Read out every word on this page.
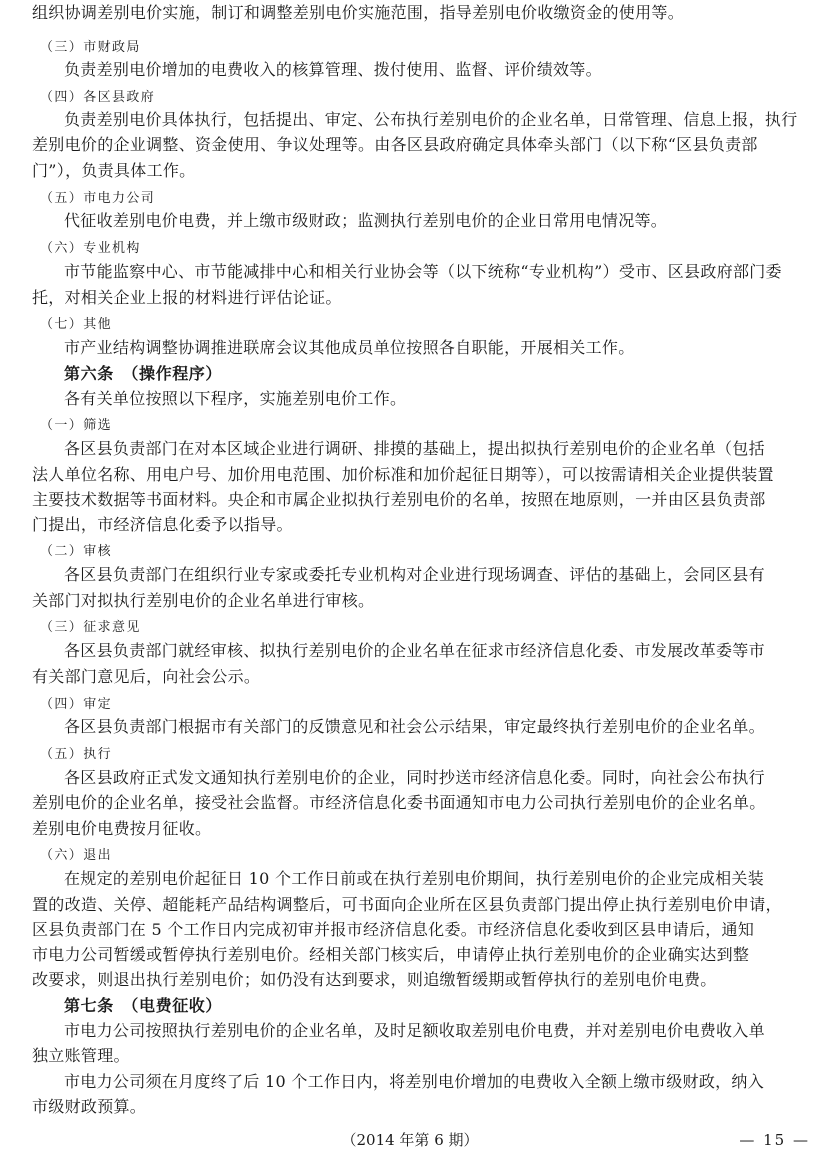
组织协调差别电价实施，制订和调整差别电价实施范围，指导差别电价收缴资金的使用等。
（三）市财政局
负责差别电价增加的电费收入的核算管理、拨付使用、监督、评价绩效等。
（四）各区县政府
负责差别电价具体执行，包括提出、审定、公布执行差别电价的企业名单，日常管理、信息上报，执行
差别电价的企业调整、资金使用、争议处理等。由各区县政府确定具体牵头部门（以下称“区县负责部
门”），负责具体工作。
（五）市电力公司
代征收差别电价电费，并上缴市级财政；监测执行差别电价的企业日常用电情况等。
（六）专业机构
市节能监察中心、市节能减排中心和相关行业协会等（以下统称“专业机构”）受市、区县政府部门委
托，对相关企业上报的材料进行评估论证。
（七）其他
市产业结构调整协调推进联席会议其他成员单位按照各自职能，开展相关工作。
第六条　（操作程序）
各有关单位按照以下程序，实施差别电价工作。
（一）筛选
各区县负责部门在对本区域企业进行调研、排摸的基础上，提出拟执行差别电价的企业名单（包括
法人单位名称、用电户号、加价用电范围、加价标准和加价起征日期等），可以按需请相关企业提供装置
主要技术数据等书面材料。央企和市属企业拟执行差别电价的名单，按照在地原则，一并由区县负责部
门提出，市经济信息化委予以指导。
（二）审核
各区县负责部门在组织行业专家或委托专业机构对企业进行现场调查、评估的基础上，会同区县有
关部门对拟执行差别电价的企业名单进行审核。
（三）征求意见
各区县负责部门就经审核、拟执行差别电价的企业名单在征求市经济信息化委、市发展改革委等市
有关部门意见后，向社会公示。
（四）审定
各区县负责部门根据市有关部门的反馈意见和社会公示结果，审定最终执行差别电价的企业名单。
（五）执行
各区县政府正式发文通知执行差别电价的企业，同时抄送市经济信息化委。同时，向社会公布执行
差别电价的企业名单，接受社会监督。市经济信息化委书面通知市电力公司执行差别电价的企业名单。
差别电价电费按月征收。
（六）退出
在规定的差别电价起征日 10 个工作日前或在执行差别电价期间，执行差别电价的企业完成相关装
置的改造、关停、超能耗产品结构调整后，可书面向企业所在区县负责部门提出停止执行差别电价申请，
区县负责部门在 5 个工作日内完成初审并报市经济信息化委。市经济信息化委收到区县申请后，通知
市电力公司暂缓或暂停执行差别电价。经相关部门核实后，申请停止执行差别电价的企业确实达到整
改要求，则退出执行差别电价；如仍没有达到要求，则追缴暂缓期或暂停执行的差别电价电费。
第七条　（电费征收）
市电力公司按照执行差别电价的企业名单，及时足额收取差别电价电费，并对差别电价电费收入单
独立账管理。
市电力公司须在月度终了后 10 个工作日内，将差别电价增加的电费收入全额上缴市级财政，纳入
市级财政预算。
（2014 年第 6 期）	— 15 —
